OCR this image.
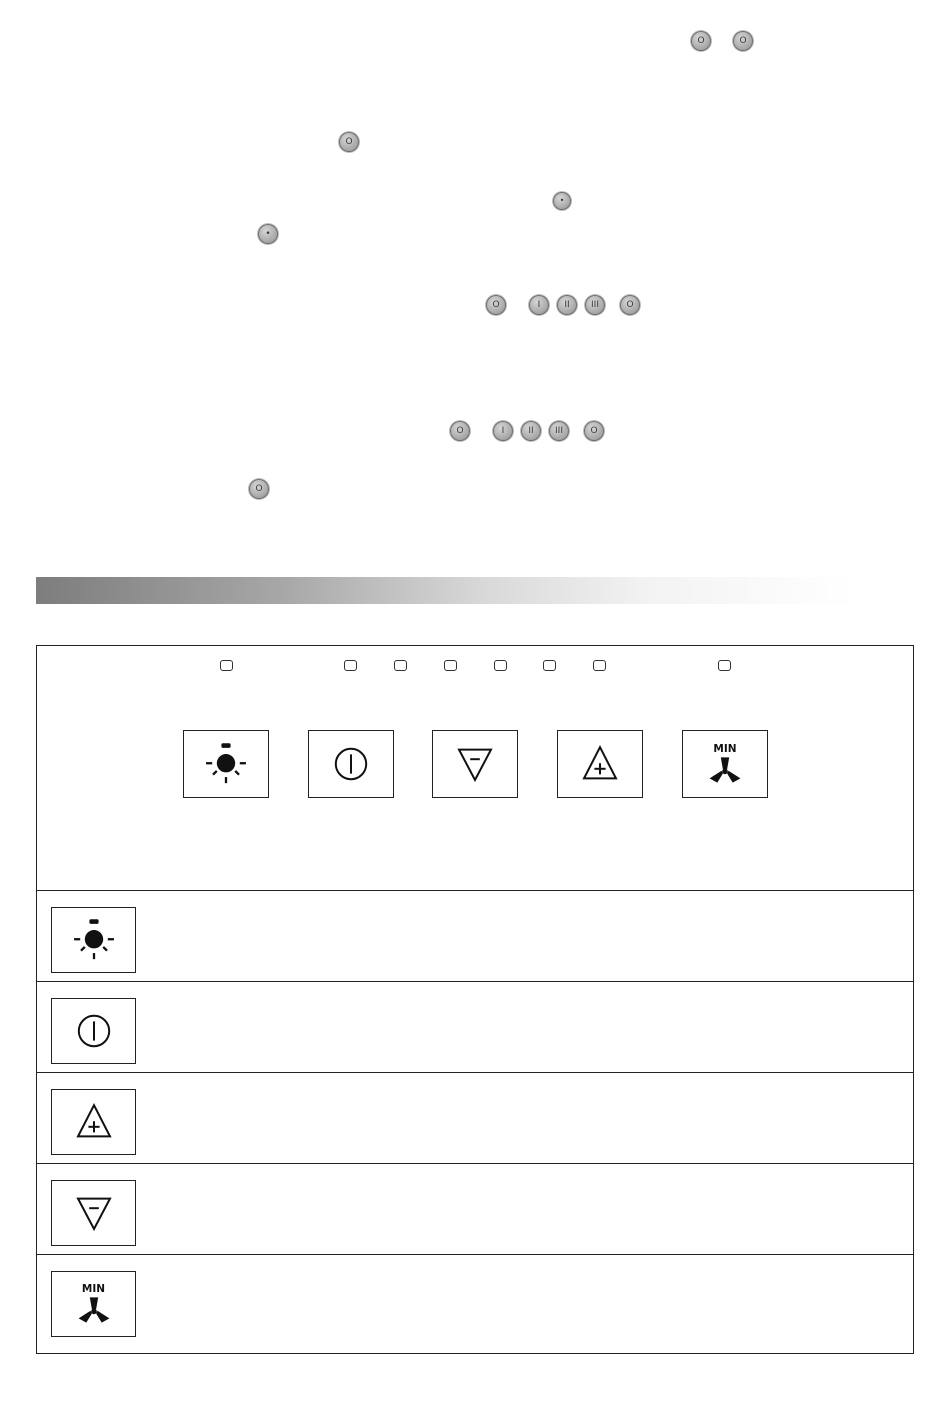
O	O
O
•
•
O	I	II	III	O
O	I	II	III	O
O
MIN
MIN
